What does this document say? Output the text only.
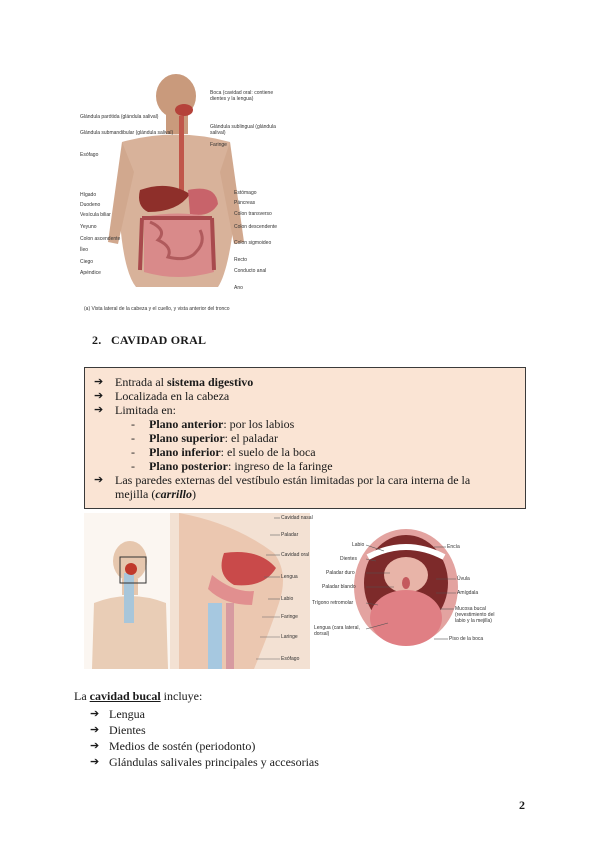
Glándula parótida (glándula salival)
Glándula submandibular (glándula salival)
Esófago
Hígado
Duodeno
Vesícula biliar
Yeyuno
Colon ascendente
Íleo
Ciego
Apéndice
Boca (cavidad oral: contiene dientes y la lengua)
Glándula sublingual (glándula salival)
Faringe
Estómago
Páncreas
Colon transverso
Colon descendente
Colon sigmoideo
Recto
Conducto anal
Ano
(a) Vista lateral de la cabeza y el cuello, y vista anterior del tronco
2. CAVIDAD ORAL
➔ Entrada al sistema digestivo
➔ Localizada en la cabeza
➔ Limitada en:
- Plano anterior: por los labios
- Plano superior: el paladar
- Plano inferior: el suelo de la boca
- Plano posterior: ingreso de la faringe
➔ Las paredes externas del vestíbulo están limitadas por la cara interna de la
mejilla (carrillo)
Cavidad nasal
Paladar
Cavidad oral
Lengua
Labio
Faringe
Laringe
Esófago
Labio
Dientes
Paladar duro
Paladar blando
Trígono retromolar
Lengua (cara lateral, dorsal)
Encía
Úvula
Amígdala
Mucosa bucal (revestimiento del labio y la mejilla)
Piso de la boca
La cavidad bucal incluye:
➔ Lengua
➔ Dientes
➔ Medios de sostén (periodonto)
➔ Glándulas salivales principales y accesorias
2
